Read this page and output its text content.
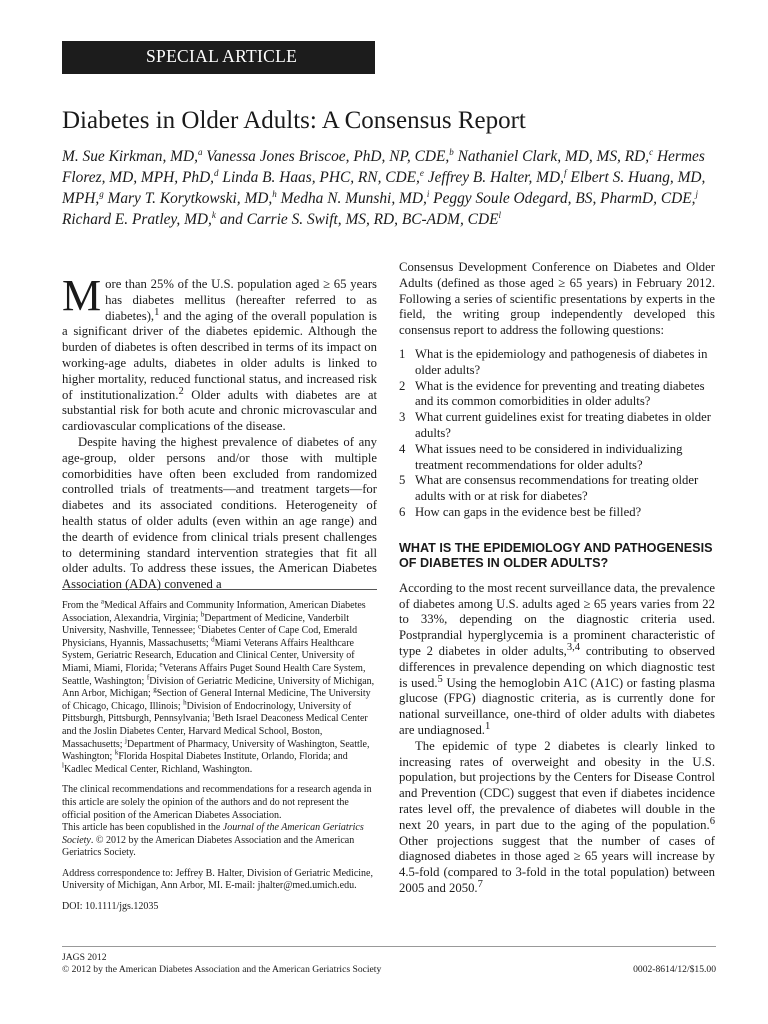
SPECIAL ARTICLE
Diabetes in Older Adults: A Consensus Report

M. Sue Kirkman, MD,$^a$ Vanessa Jones Briscoe, PhD, NP, CDE,$^b$ Nathaniel Clark, MD, MS, RD,$^c$ Hermes Florez, MD, MPH, PhD,$^d$ Linda B. Haas, PHC, RN, CDE,$^e$ Jeffrey B. Halter, MD,$^f$ Elbert S. Huang, MD, MPH,$^g$ Mary T. Korytkowski, MD,$^h$ Medha N. Munshi, MD,$^i$ Peggy Soule Odegard, BS, PharmD, CDE,$^j$ Richard E. Pratley, MD,$^k$ and Carrie S. Swift, MS, RD, BC-ADM, CDE$^l$

More than 25% of the U.S. population aged ≥ 65 years has diabetes mellitus (hereafter referred to as diabetes),$^1$ and the aging of the overall population is a significant driver of the diabetes epidemic. Although the burden of diabetes is often described in terms of its impact on working-age adults, diabetes in older adults is linked to higher mortality, reduced functional status, and increased risk of institutionalization.$^2$ Older adults with diabetes are at substantial risk for both acute and chronic microvascular and cardiovascular complications of the disease.

Despite having the highest prevalence of diabetes of any age-group, older persons and/or those with multiple comorbidities have often been excluded from randomized controlled trials of treatments—and treatment targets—for diabetes and its associated conditions. Heterogeneity of health status of older adults (even within an age range) and the dearth of evidence from clinical trials present challenges to determining standard intervention strategies that fit all older adults. To address these issues, the American Diabetes Association (ADA) convened a

From the $^a$Medical Affairs and Community Information, American Diabetes Association, Alexandria, Virginia; $^b$Department of Medicine, Vanderbilt University, Nashville, Tennessee; $^c$Diabetes Center of Cape Cod, Emerald Physicians, Hyannis, Massachusetts; $^d$Miami Veterans Affairs Healthcare System, Geriatric Research, Education and Clinical Center, University of Miami, Miami, Florida; $^e$Veterans Affairs Puget Sound Health Care System, Seattle, Washington; $^f$Division of Geriatric Medicine, University of Michigan, Ann Arbor, Michigan; $^g$Section of General Internal Medicine, The University of Chicago, Chicago, Illinois; $^h$Division of Endocrinology, University of Pittsburgh, Pittsburgh, Pennsylvania; $^i$Beth Israel Deaconess Medical Center and the Joslin Diabetes Center, Harvard Medical School, Boston, Massachusetts; $^j$Department of Pharmacy, University of Washington, Seattle, Washington; $^k$Florida Hospital Diabetes Institute, Orlando, Florida; and $^l$Kadlec Medical Center, Richland, Washington.

The clinical recommendations and recommendations for a research agenda in this article are solely the opinion of the authors and do not represent the official position of the American Diabetes Association.
This article has been copublished in the Journal of the American Geriatrics Society. © 2012 by the American Diabetes Association and the American Geriatrics Society.

Address correspondence to: Jeffrey B. Halter, Division of Geriatric Medicine, University of Michigan, Ann Arbor, MI. E-mail: jhalter@med.umich.edu.

DOI: 10.1111/jgs.12035

Consensus Development Conference on Diabetes and Older Adults (defined as those aged ≥ 65 years) in February 2012. Following a series of scientific presentations by experts in the field, the writing group independently developed this consensus report to address the following questions:

1 What is the epidemiology and pathogenesis of diabetes in older adults?

2 What is the evidence for preventing and treating diabetes and its common comorbidities in older adults?

3 What current guidelines exist for treating diabetes in older adults?

4 What issues need to be considered in individualizing treatment recommendations for older adults?

5 What are consensus recommendations for treating older adults with or at risk for diabetes?

6 How can gaps in the evidence best be filled?

WHAT IS THE EPIDEMIOLOGY AND PATHOGENESIS OF DIABETES IN OLDER ADULTS?

According to the most recent surveillance data, the prevalence of diabetes among U.S. adults aged ≥ 65 years varies from 22 to 33%, depending on the diagnostic criteria used. Postprandial hyperglycemia is a prominent characteristic of type 2 diabetes in older adults,$^{3,4}$ contributing to observed differences in prevalence depending on which diagnostic test is used.$^5$ Using the hemoglobin A1C (A1C) or fasting plasma glucose (FPG) diagnostic criteria, as is currently done for national surveillance, one-third of older adults with diabetes are undiagnosed.$^1$

The epidemic of type 2 diabetes is clearly linked to increasing rates of overweight and obesity in the U.S. population, but projections by the Centers for Disease Control and Prevention (CDC) suggest that even if diabetes incidence rates level off, the prevalence of diabetes will double in the next 20 years, in part due to the aging of the population.$^6$ Other projections suggest that the number of cases of diagnosed diabetes in those aged ≥ 65 years will increase by 4.5-fold (compared to 3-fold in the total population) between 2005 and 2050.$^7$

JAGS 2012
© 2012 by the American Diabetes Association and the American Geriatrics Society	0002-8614/12/$15.00
